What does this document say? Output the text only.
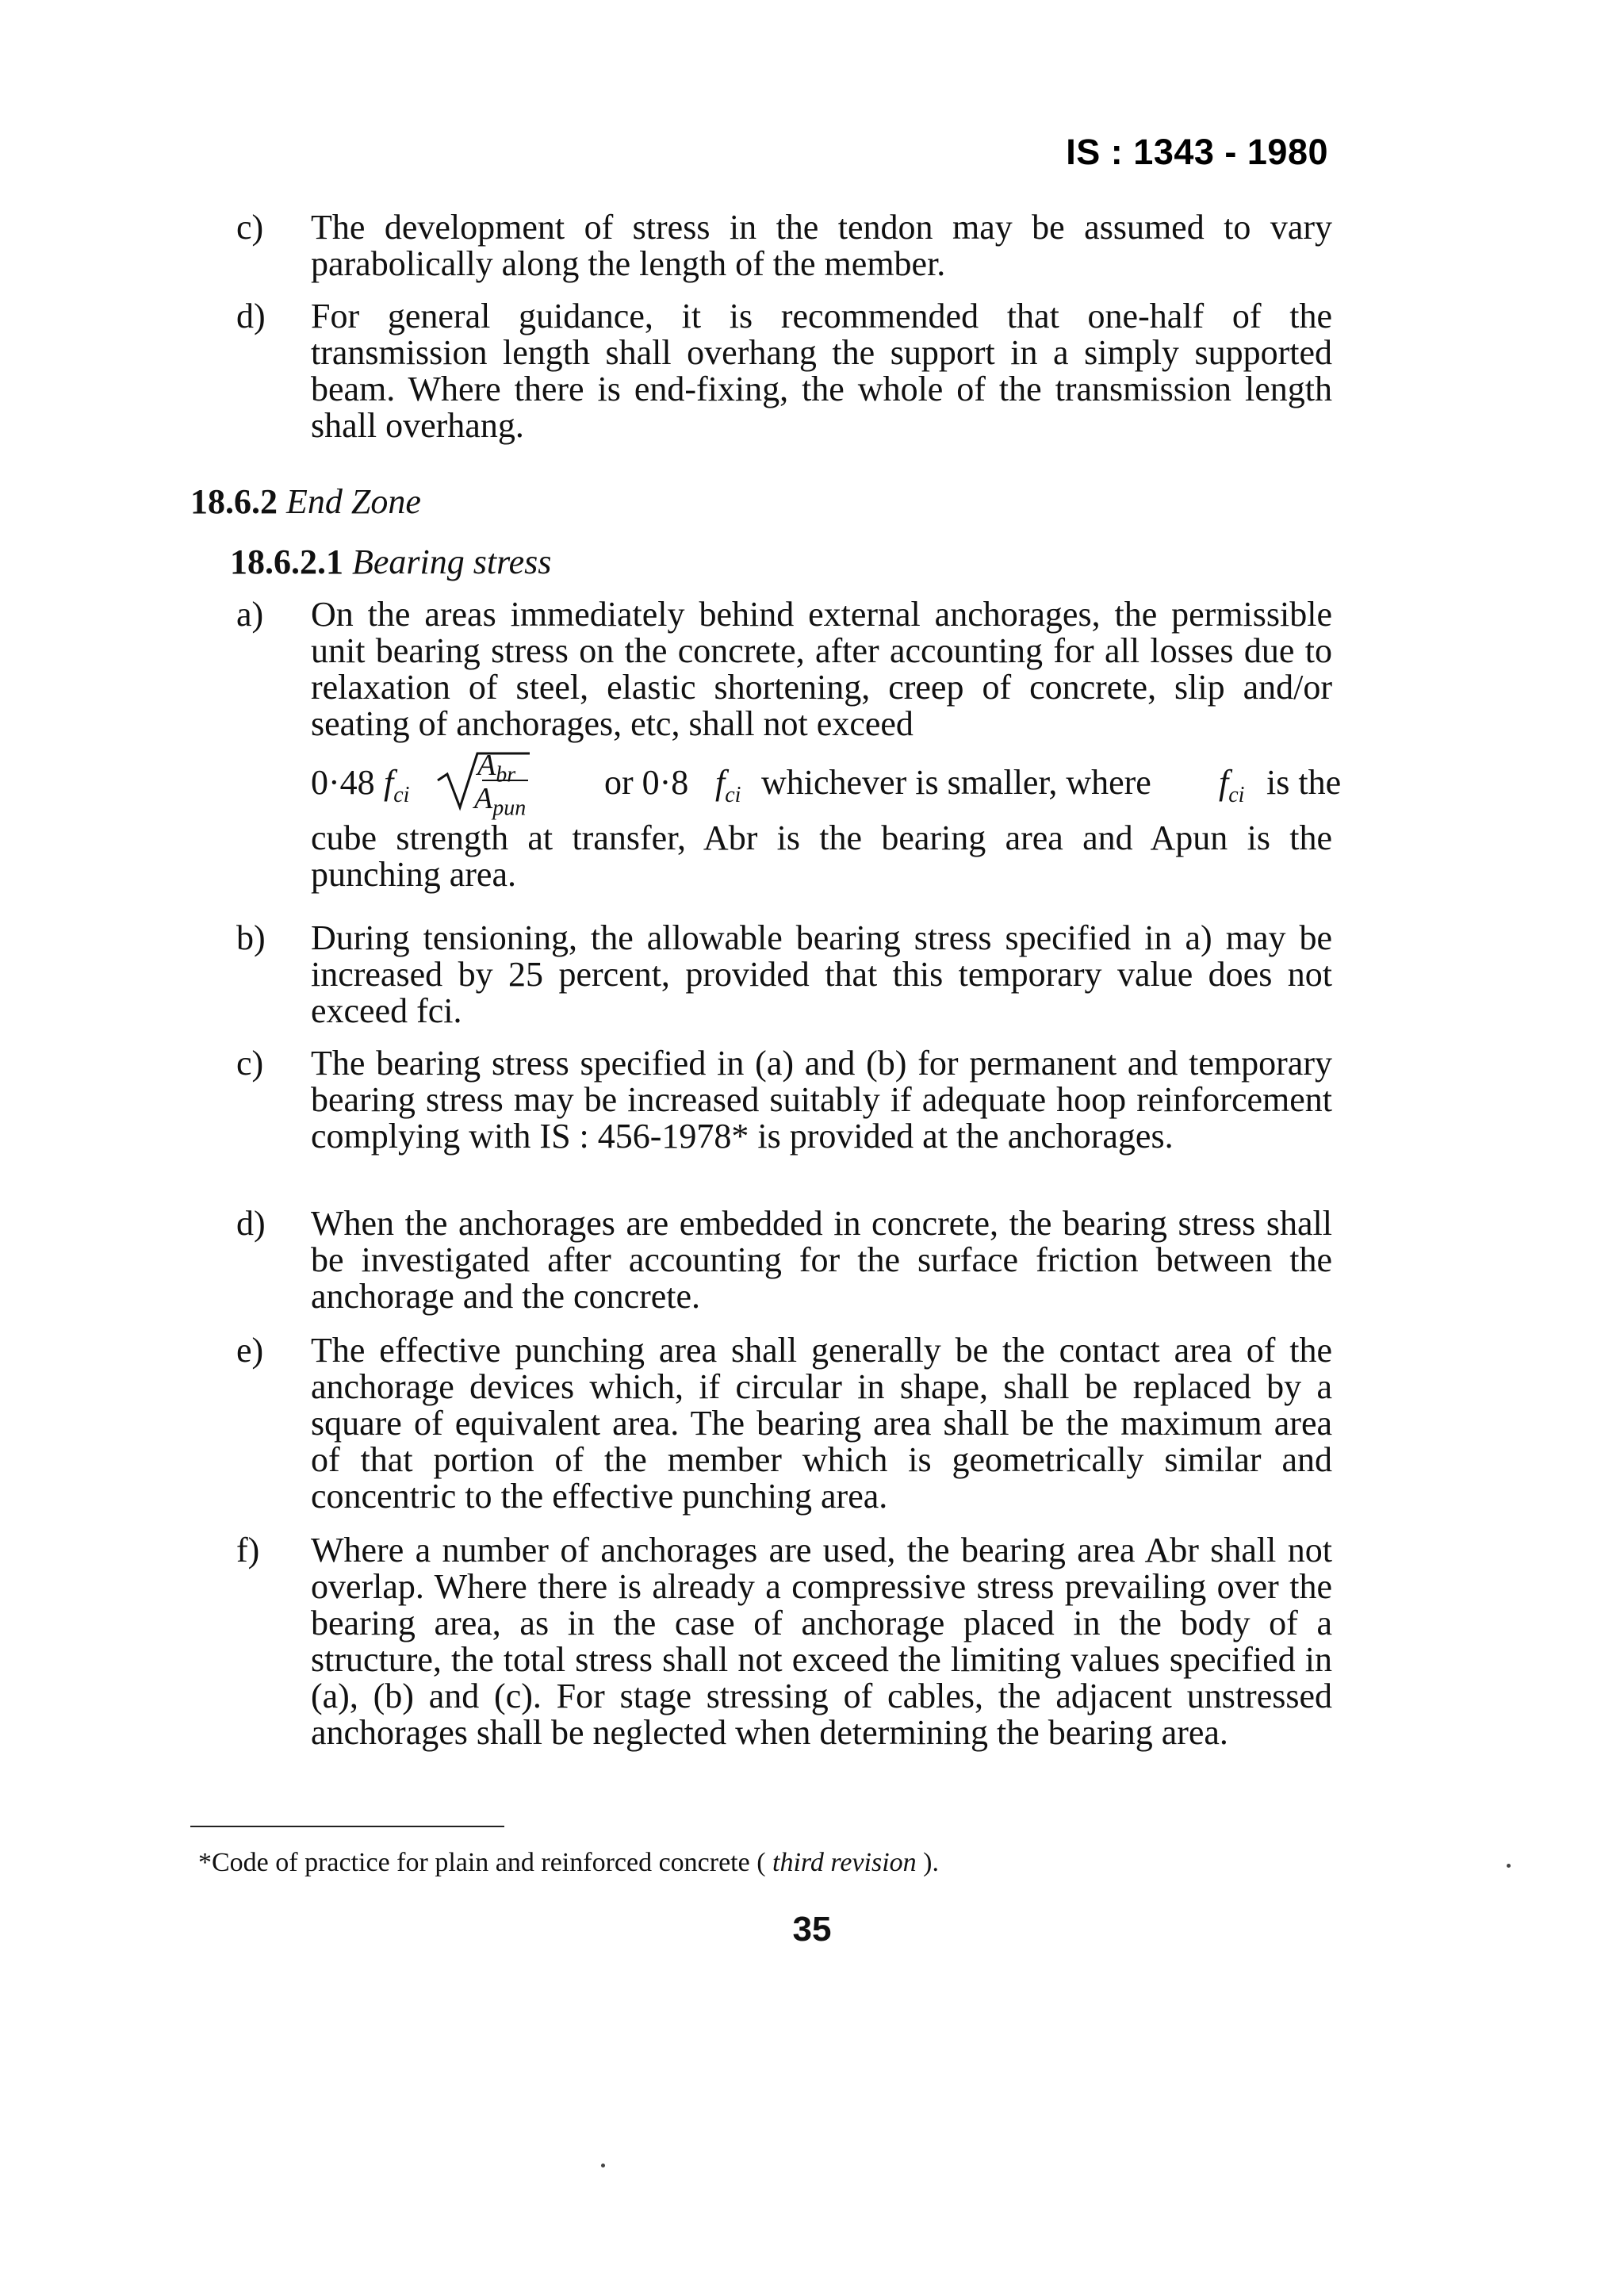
IS : 1343 - 1980
c)	The development of stress in the tendon may be assumed to vary parabolically along the length of the member.
d)	For general guidance, it is recommended that one-half of the transmission length shall overhang the support in a simply supported beam. Where there is end-fixing, the whole of the transmission length shall overhang.
18.6.2 End Zone
18.6.2.1 Bearing stress
a)	On the areas immediately behind external anchorages, the permissible unit bearing stress on the concrete, after accounting for all losses due to relaxation of steel, elastic shortening, creep of concrete, slip and/or seating of anchorages, etc, shall not exceed
0·48 $f_{ci}$
$A_{br}$
$A_{pun}$
or 0·8 $f_{ci}$ whichever is smaller, where $f_{ci}$ is the
cube strength at transfer, Abr is the bearing area and Apun is the punching area.
b)	During tensioning, the allowable bearing stress specified in a) may be increased by 25 percent, provided that this temporary value does not exceed fci.
c)	The bearing stress specified in (a) and (b) for permanent and temporary bearing stress may be increased suitably if adequate hoop reinforcement complying with IS : 456-1978* is provided at the anchorages.
d)	When the anchorages are embedded in concrete, the bearing stress shall be investigated after accounting for the surface friction between the anchorage and the concrete.
e)	The effective punching area shall generally be the contact area of the anchorage devices which, if circular in shape, shall be replaced by a square of equivalent area. The bearing area shall be the maximum area of that portion of the member which is geometrically similar and concentric to the effective punching area.
f)	Where a number of anchorages are used, the bearing area Abr shall not overlap. Where there is already a compressive stress prevailing over the bearing area, as in the case of anchorage placed in the body of a structure, the total stress shall not exceed the limiting values specified in (a), (b) and (c). For stage stressing of cables, the adjacent unstressed anchorages shall be neglected when determining the bearing area.
*Code of practice for plain and reinforced concrete ( third revision ).
35
